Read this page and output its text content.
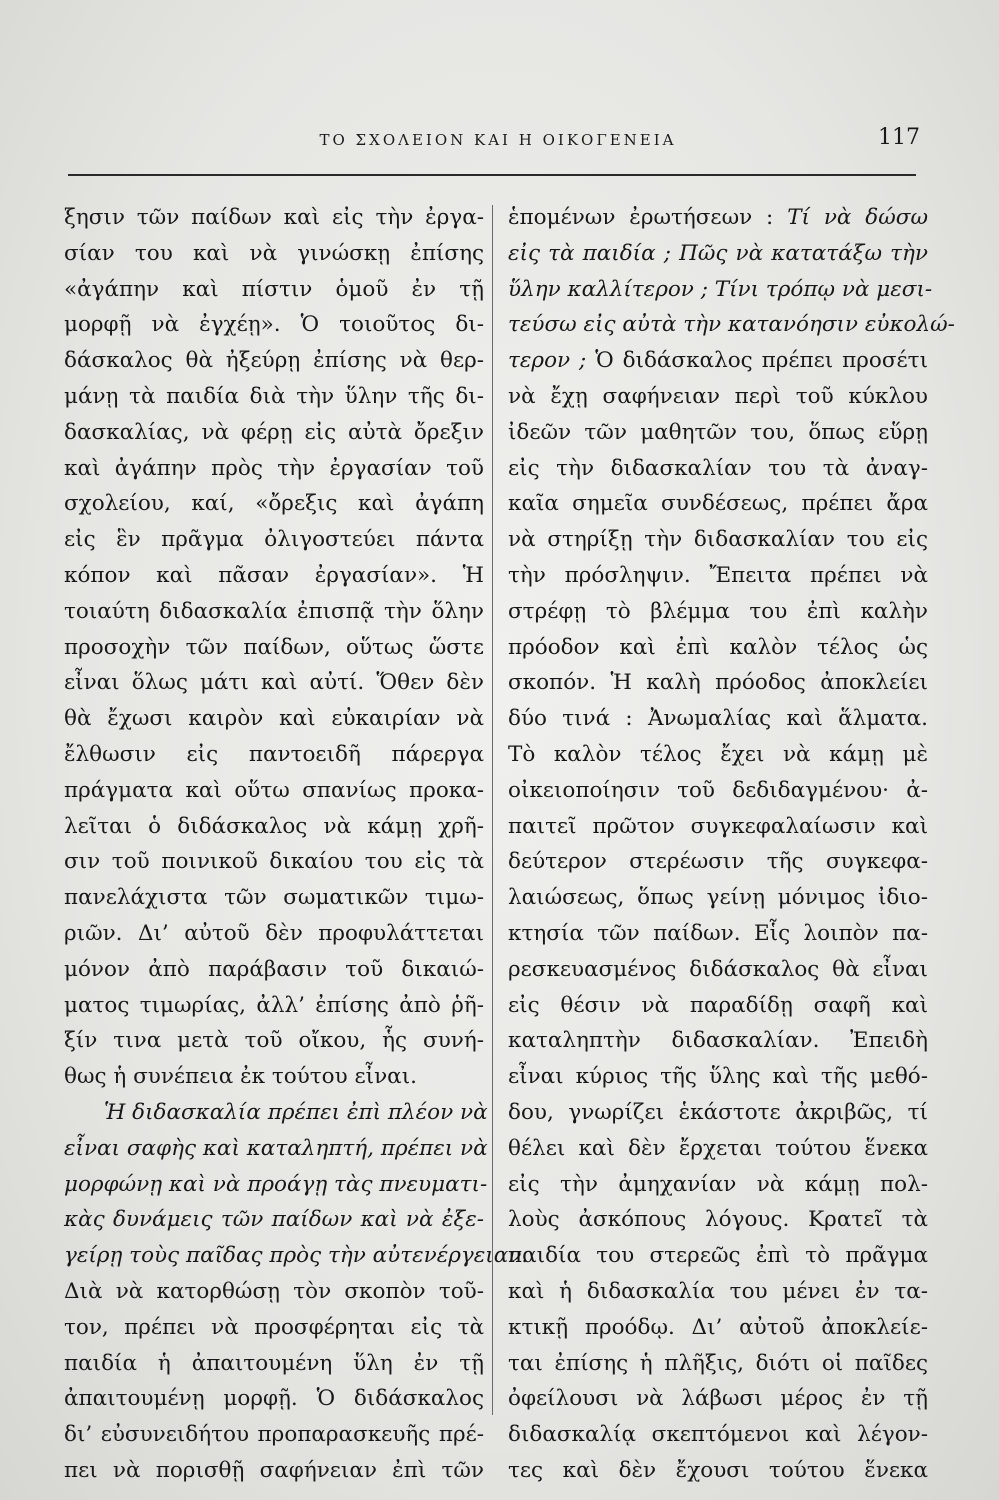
ΤΟ ΣΧΟΛΕΙΟΝ ΚΑΙ Η ΟΙΚΟΓΕΝΕΙΑ	117
ξησιν τῶν παίδων καὶ εἰς τὴν ἐργα-
σίαν του καὶ νὰ γινώσκῃ ἐπίσης
«ἀγάπην καὶ πίστιν ὁμοῦ ἐν τῇ
μορφῇ νὰ ἐγχέῃ». Ὁ τοιοῦτος δι-
δάσκαλος θὰ ἠξεύρῃ ἐπίσης νὰ θερ-
μάνῃ τὰ παιδία διὰ τὴν ὕλην τῆς δι-
δασκαλίας, νὰ φέρῃ εἰς αὐτὰ ὄρεξιν
καὶ ἀγάπην πρὸς τὴν ἐργασίαν τοῦ
σχολείου, καί, «ὄρεξις καὶ ἀγάπη
εἰς ἓν πρᾶγμα ὀλιγοστεύει πάντα
κόπον καὶ πᾶσαν ἐργασίαν». Ἡ
τοιαύτη διδασκαλία ἐπισπᾷ τὴν ὅλην
προσοχὴν τῶν παίδων, οὕτως ὥστε
εἶναι ὅλως μάτι καὶ αὐτί. Ὅθεν δὲν
θὰ ἔχωσι καιρὸν καὶ εὐκαιρίαν νὰ
ἔλθωσιν εἰς παντοειδῆ πάρεργα
πράγματα καὶ οὕτω σπανίως προκα-
λεῖται ὁ διδάσκαλος νὰ κάμῃ χρῆ-
σιν τοῦ ποινικοῦ δικαίου του εἰς τὰ
πανελάχιστα τῶν σωματικῶν τιμω-
ριῶν. Δι’ αὐτοῦ δὲν προφυλάττεται
μόνον ἀπὸ παράβασιν τοῦ δικαιώ-
ματος τιμωρίας, ἀλλ’ ἐπίσης ἀπὸ ῥῆ-
ξίν τινα μετὰ τοῦ οἴκου, ἧς συνή-
θως ἡ συνέπεια ἐκ τούτου εἶναι.
Ἡ διδασκαλία πρέπει ἐπὶ πλέον νὰ
εἶναι σαφὴς καὶ καταληπτή, πρέπει νὰ
μορφώνῃ καὶ νὰ προάγῃ τὰς πνευματι-
κὰς δυνάμεις τῶν παίδων καὶ νὰ ἐξε-
γείρῃ τοὺς παῖδας πρὸς τὴν αὐτενέργειαν.
Διὰ νὰ κατορθώσῃ τὸν σκοπὸν τοῦ-
τον, πρέπει νὰ προσφέρηται εἰς τὰ
παιδία ἡ ἀπαιτουμένη ὕλη ἐν τῇ
ἀπαιτουμένῃ μορφῇ. Ὁ διδάσκαλος
δι’ εὐσυνειδήτου προπαρασκευῆς πρέ-
πει νὰ πορισθῇ σαφήνειαν ἐπὶ τῶν
ἑπομένων ἐρωτήσεων : Τί νὰ δώσω
εἰς τὰ παιδία ; Πῶς νὰ κατατάξω τὴν
ὕλην καλλίτερον ; Τίνι τρόπῳ νὰ μεσι-
τεύσω εἰς αὐτὰ τὴν κατανόησιν εὐκολώ-
τερον ; Ὁ διδάσκαλος πρέπει προσέτι
νὰ ἔχῃ σαφήνειαν περὶ τοῦ κύκλου
ἰδεῶν τῶν μαθητῶν του, ὅπως εὕρῃ
εἰς τὴν διδασκαλίαν του τὰ ἀναγ-
καῖα σημεῖα συνδέσεως, πρέπει ἄρα
νὰ στηρίξῃ τὴν διδασκαλίαν του εἰς
τὴν πρόσληψιν. Ἔπειτα πρέπει νὰ
στρέφῃ τὸ βλέμμα του ἐπὶ καλὴν
πρόοδον καὶ ἐπὶ καλὸν τέλος ὡς
σκοπόν. Ἡ καλὴ πρόοδος ἀποκλείει
δύο τινά : Ἀνωμαλίας καὶ ἅλματα.
Τὸ καλὸν τέλος ἔχει νὰ κάμῃ μὲ
οἰκειοποίησιν τοῦ δεδιδαγμένου· ἀ-
παιτεῖ πρῶτον συγκεφαλαίωσιν καὶ
δεύτερον στερέωσιν τῆς συγκεφα-
λαιώσεως, ὅπως γείνῃ μόνιμος ἰδιο-
κτησία τῶν παίδων. Εἷς λοιπὸν πα-
ρεσκευασμένος διδάσκαλος θὰ εἶναι
εἰς θέσιν νὰ παραδίδῃ σαφῆ καὶ
καταληπτὴν διδασκαλίαν. Ἐπειδὴ
εἶναι κύριος τῆς ὕλης καὶ τῆς μεθό-
δου, γνωρίζει ἑκάστοτε ἀκριβῶς, τί
θέλει καὶ δὲν ἔρχεται τούτου ἕνεκα
εἰς τὴν ἀμηχανίαν νὰ κάμῃ πολ-
λοὺς ἀσκόπους λόγους. Κρατεῖ τὰ
παιδία του στερεῶς ἐπὶ τὸ πρᾶγμα
καὶ ἡ διδασκαλία του μένει ἐν τα-
κτικῇ προόδῳ. Δι’ αὐτοῦ ἀποκλείε-
ται ἐπίσης ἡ πλῆξις, διότι οἱ παῖδες
ὀφείλουσι νὰ λάβωσι μέρος ἐν τῇ
διδασκαλίᾳ σκεπτόμενοι καὶ λέγον-
τες καὶ δὲν ἔχουσι τούτου ἕνεκα
